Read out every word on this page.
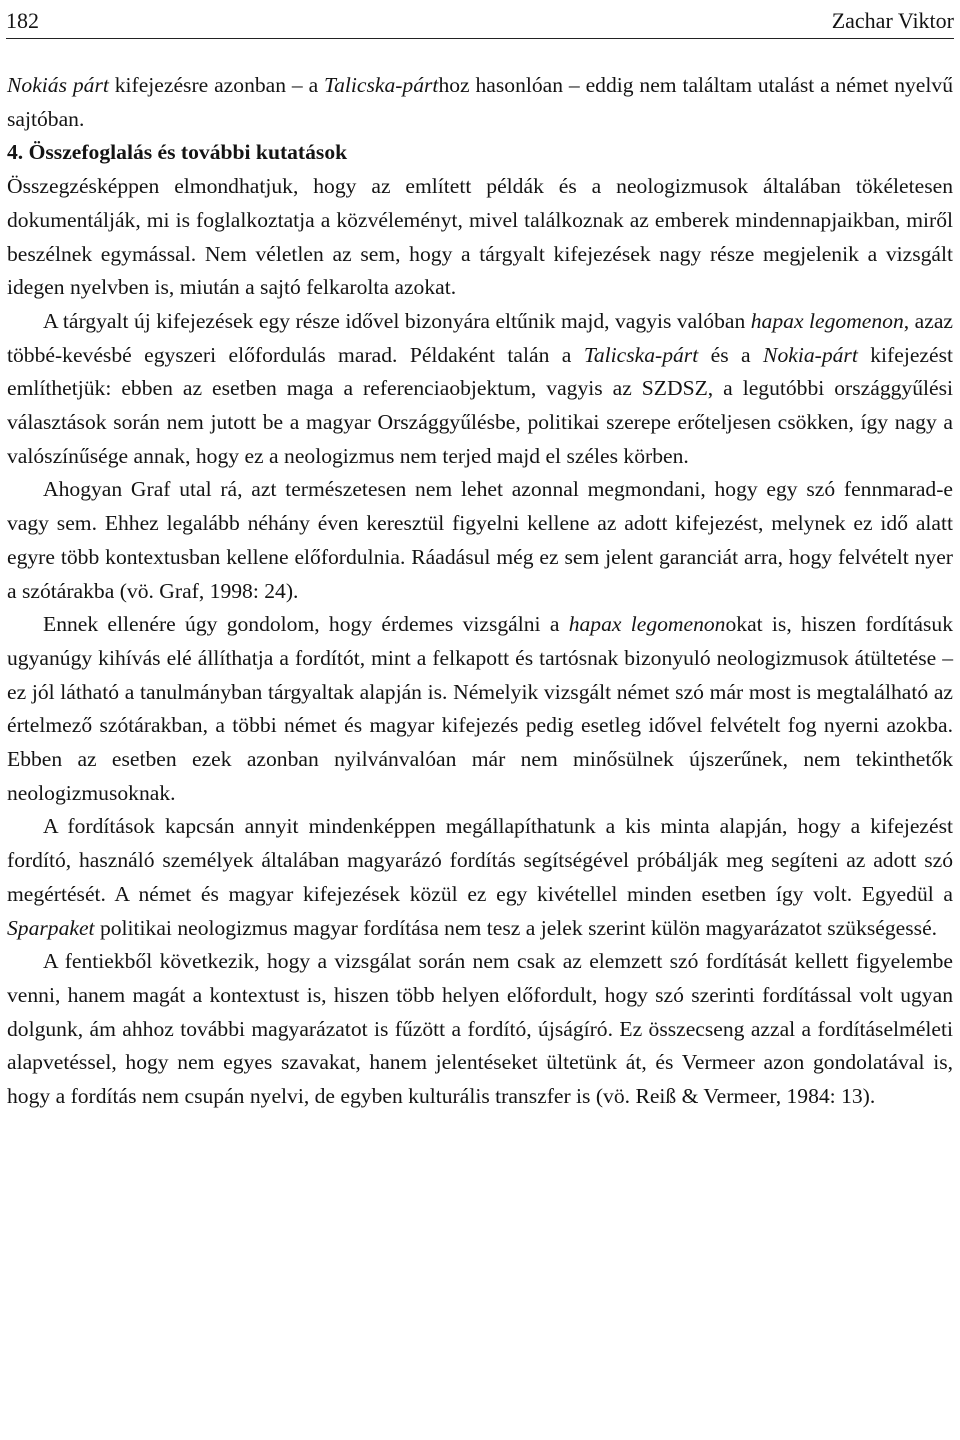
182	Zachar Viktor

Nokiás párt kifejezésre azonban – a Talicska-párthoz hasonlóan – eddig nem találtam utalást a német nyelvű sajtóban.

4. Összefoglalás és további kutatások

Összegzésképpen elmondhatjuk, hogy az említett példák és a neologizmusok általában tökéletesen dokumentálják, mi is foglalkoztatja a közvéleményt, mivel találkoznak az emberek mindennapjaikban, miről beszélnek egymással. Nem véletlen az sem, hogy a tárgyalt kifejezések nagy része megjelenik a vizsgált idegen nyelvben is, miután a sajtó felkarolta azokat.

A tárgyalt új kifejezések egy része idővel bizonyára eltűnik majd, vagyis valóban hapax legomenon, azaz többé-kevésbé egyszeri előfordulás marad. Példaként talán a Talicska-párt és a Nokia-párt kifejezést említhetjük: ebben az esetben maga a referenciaobjektum, vagyis az SZDSZ, a legutóbbi országgyűlési választások során nem jutott be a magyar Országgyűlésbe, politikai szerepe erőteljesen csökken, így nagy a valószínűsége annak, hogy ez a neologizmus nem terjed majd el széles körben.

Ahogyan Graf utal rá, azt természetesen nem lehet azonnal megmondani, hogy egy szó fennmarad-e vagy sem. Ehhez legalább néhány éven keresztül figyelni kellene az adott kifejezést, melynek ez idő alatt egyre több kontextusban kellene előfordulnia. Ráadásul még ez sem jelent garanciát arra, hogy felvételt nyer a szótárakba (vö. Graf, 1998: 24).

Ennek ellenére úgy gondolom, hogy érdemes vizsgálni a hapax legomenonokat is, hiszen fordításuk ugyanúgy kihívás elé állíthatja a fordítót, mint a felkapott és tartósnak bizonyuló neologizmusok átültetése – ez jól látható a tanulmányban tárgyaltak alapján is. Némelyik vizsgált német szó már most is megtalálható az értelmező szótárakban, a többi német és magyar kifejezés pedig esetleg idővel felvételt fog nyerni azokba. Ebben az esetben ezek azonban nyilvánvalóan már nem minősülnek újszerűnek, nem tekinthetők neologizmusoknak.

A fordítások kapcsán annyit mindenképpen megállapíthatunk a kis minta alapján, hogy a kifejezést fordító, használó személyek általában magyarázó fordítás segítségével próbálják meg segíteni az adott szó megértését. A német és magyar kifejezések közül ez egy kivétellel minden esetben így volt. Egyedül a Sparpaket politikai neologizmus magyar fordítása nem tesz a jelek szerint külön magyarázatot szükségessé.

A fentiekből következik, hogy a vizsgálat során nem csak az elemzett szó fordítását kellett figyelembe venni, hanem magát a kontextust is, hiszen több helyen előfordult, hogy szó szerinti fordítással volt ugyan dolgunk, ám ahhoz további magyarázatot is fűzött a fordító, újságíró. Ez összecseng azzal a fordításelméleti alapvetéssel, hogy nem egyes szavakat, hanem jelentéseket ültetünk át, és Vermeer azon gondolatával is, hogy a fordítás nem csupán nyelvi, de egyben kulturális transzfer is (vö. Reiß & Vermeer, 1984: 13).
